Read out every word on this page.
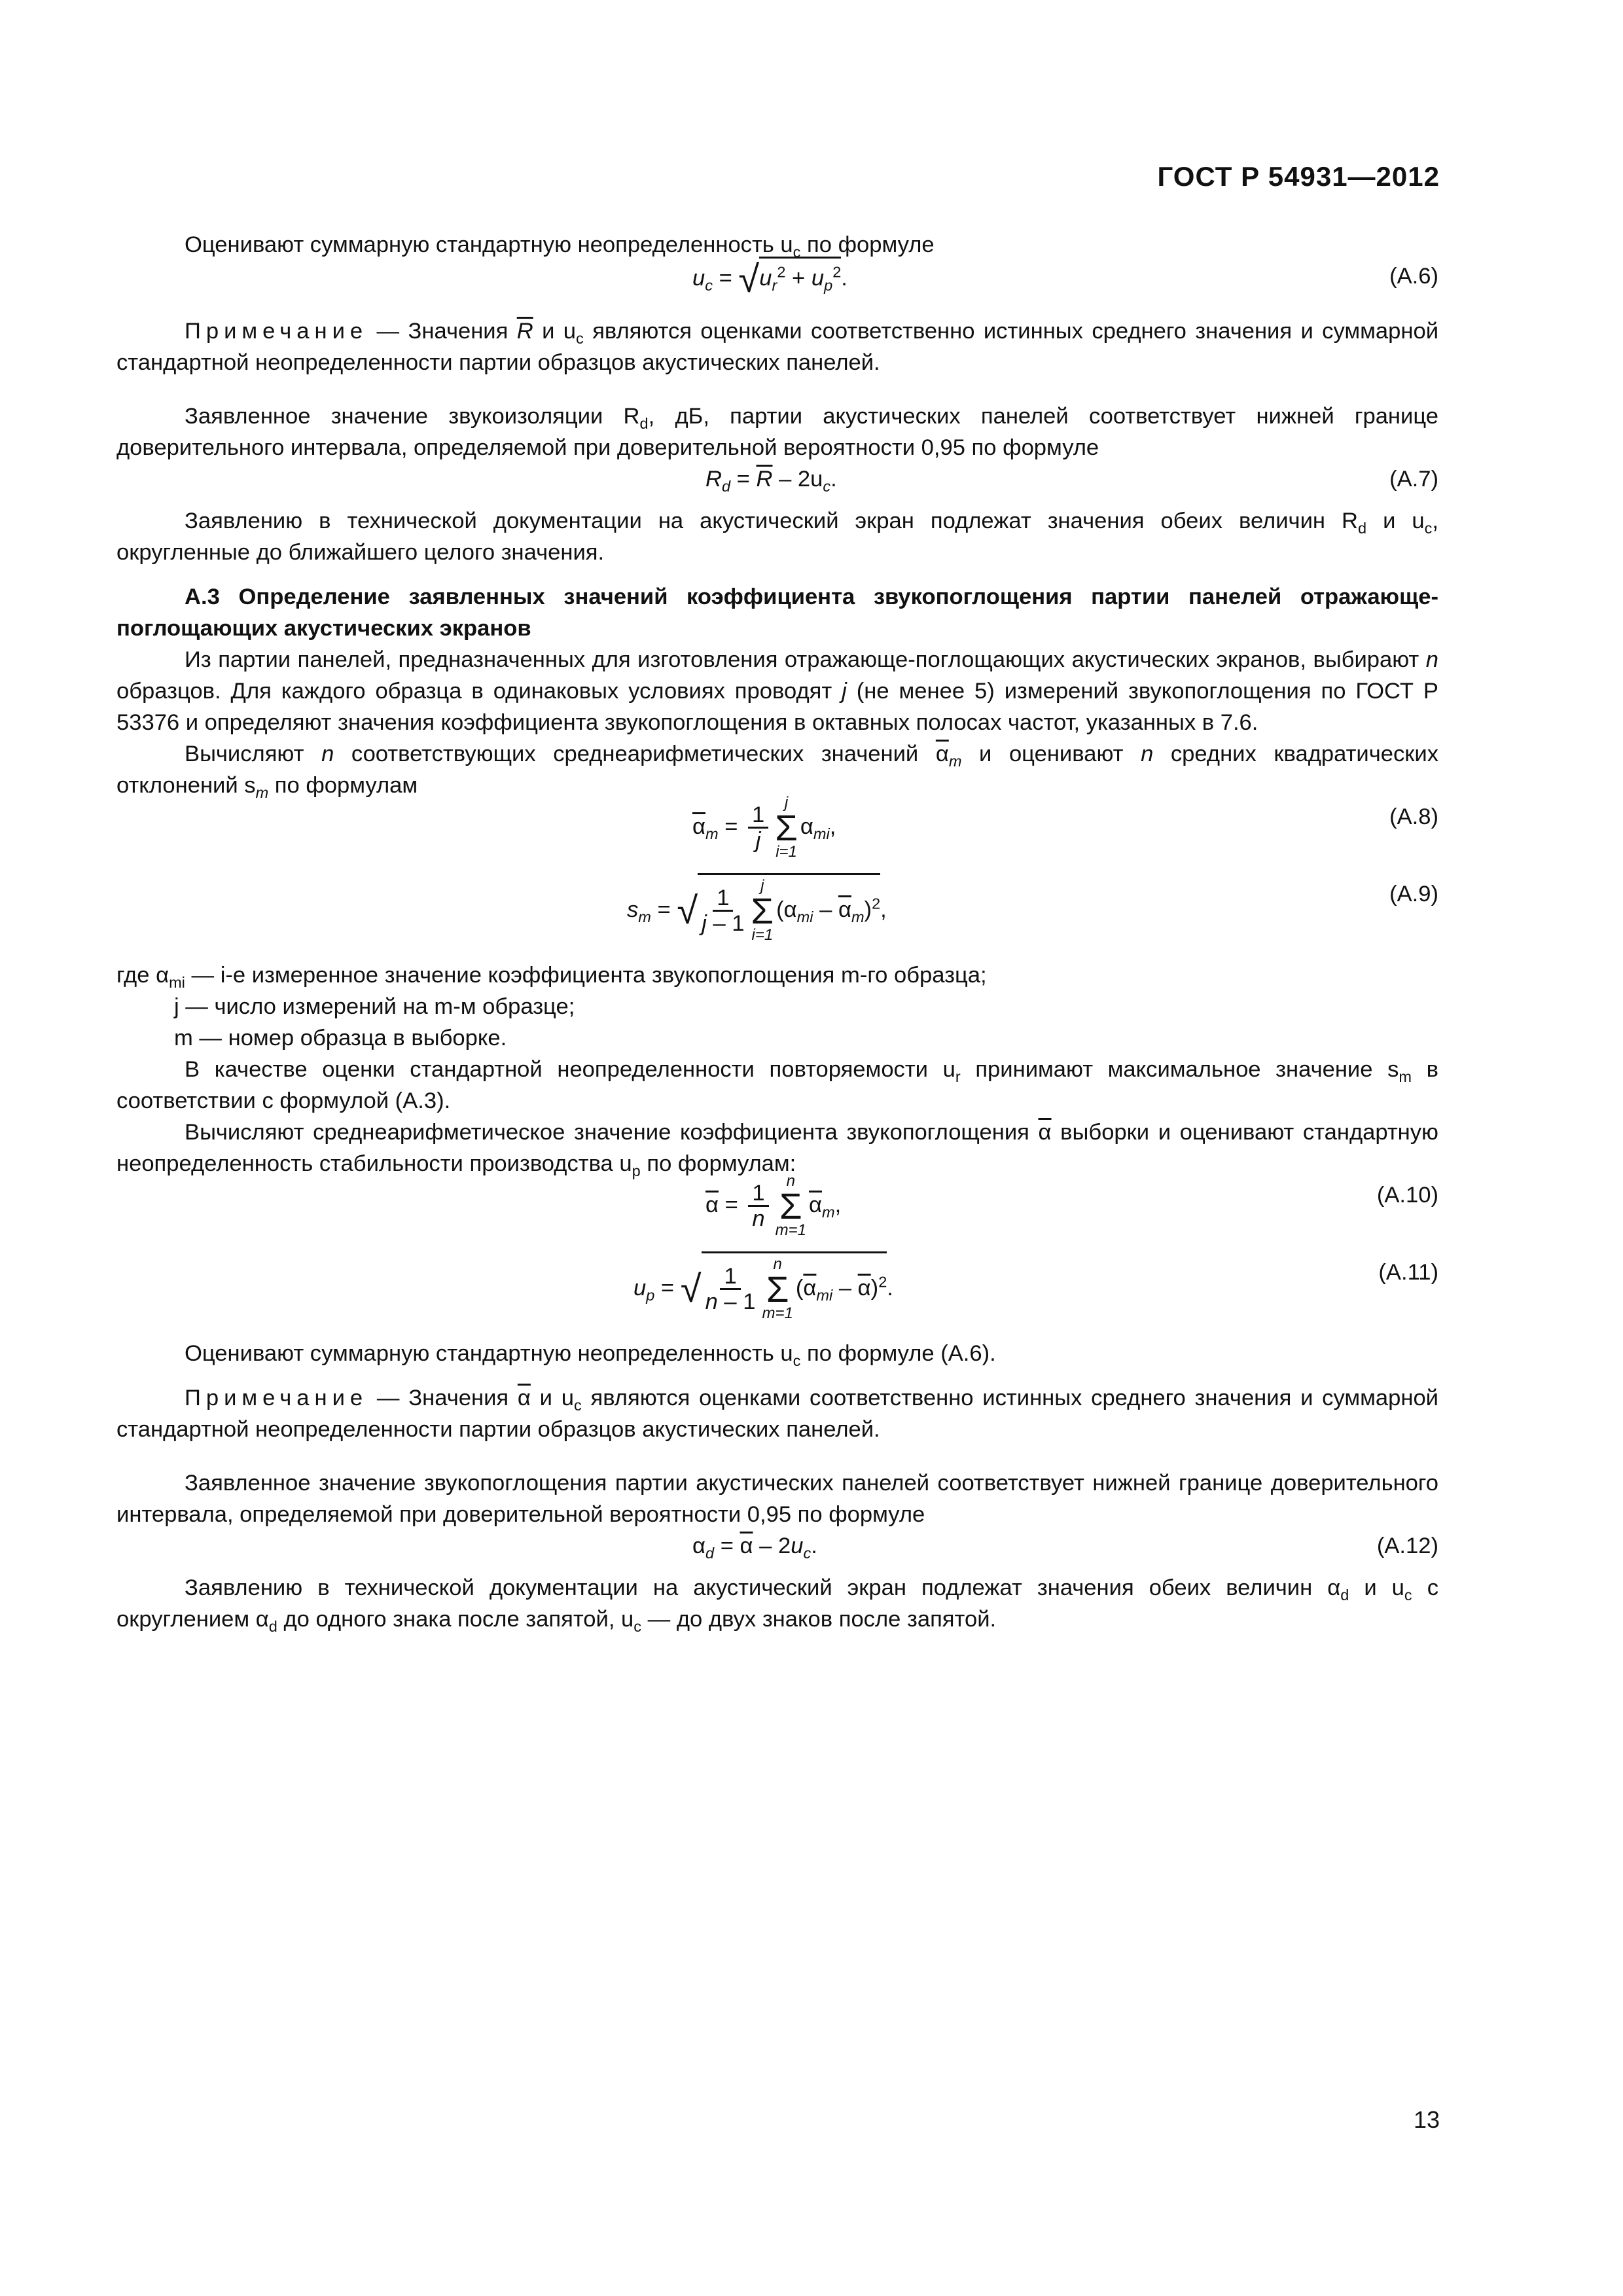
ГОСТ Р 54931—2012

Оценивают суммарную стандартную неопределенность $u_c$ по формуле

$u_c = √u_r^2 + u_p^2$.	(А.6)

Примечание — Значения $\overline{R}$ и $u_c$ являются оценками соответственно истинных среднего значения и суммарной стандартной неопределенности партии образцов акустических панелей.

Заявленное значение звукоизоляции $R_d$, дБ, партии акустических панелей соответствует нижней границе доверительного интервала, определяемой при доверительной вероятности 0,95 по формуле

$R_d = \overline{R} - 2u_c$.	(А.7)

Заявлению в технической документации на акустический экран подлежат значения обеих величин $R_d$ и $u_c$, округленные до ближайшего целого значения.

А.3 Определение заявленных значений коэффициента звукопоглощения партии панелей отражающе-поглощающих акустических экранов

Из партии панелей, предназначенных для изготовления отражающе-поглощающих акустических экранов, выбирают n образцов. Для каждого образца в одинаковых условиях проводят j (не менее 5) измерений звукопоглощения по ГОСТ Р 53376 и определяют значения коэффициента звукопоглощения в октавных полосах частот, указанных в 7.6.

Вычисляют n соответствующих среднеарифметических значений $\overline{\alpha}_m$ и оценивают n средних квадратических отклонений $s_m$ по формулам

$\overline{\alpha}_m = \frac{1}{j}$
j
Σ
i=1
$\alpha_{mi}$,	(А.8)
$s_m$ = √ $\frac{1}{j - 1}$
j
Σ
i=1
$(\alpha_{mi} - \overline{\alpha}_m)^2$,
(А.9)

где $\alpha_{mi}$ — i-е измеренное значение коэффициента звукопоглощения m-го образца;

j — число измерений на m-м образце;

m — номер образца в выборке.

В качестве оценки стандартной неопределенности повторяемости $u_r$ принимают максимальное значение $s_m$ в соответствии с формулой (А.3).

Вычисляют среднеарифметическое значение коэффициента звукопоглощения $\overline{\alpha}$ выборки и оценивают стандартную неопределенность стабильности производства $u_p$ по формулам:

$\overline{\alpha} = \frac{1}{n}$
n
Σ
m=1
$\overline{\alpha}_m$,	(А.10)
$u_p$ = √ $\frac{1}{n - 1}$
n
Σ
m=1
$(\overline{\alpha}_{mi} - \overline{\alpha})^2$.
(А.11)

Оценивают суммарную стандартную неопределенность $u_c$ по формуле (А.6).

Примечание — Значения $\overline{\alpha}$ и $u_c$ являются оценками соответственно истинных среднего значения и суммарной стандартной неопределенности партии образцов акустических панелей.

Заявленное значение звукопоглощения партии акустических панелей соответствует нижней границе доверительного интервала, определяемой при доверительной вероятности 0,95 по формуле

$\alpha_d = \overline{\alpha} - 2u_c$.	(А.12)

Заявлению в технической документации на акустический экран подлежат значения обеих величин $\alpha_d$ и $u_c$ с округлением $\alpha_d$ до одного знака после запятой, $u_c$ — до двух знаков после запятой.

13
